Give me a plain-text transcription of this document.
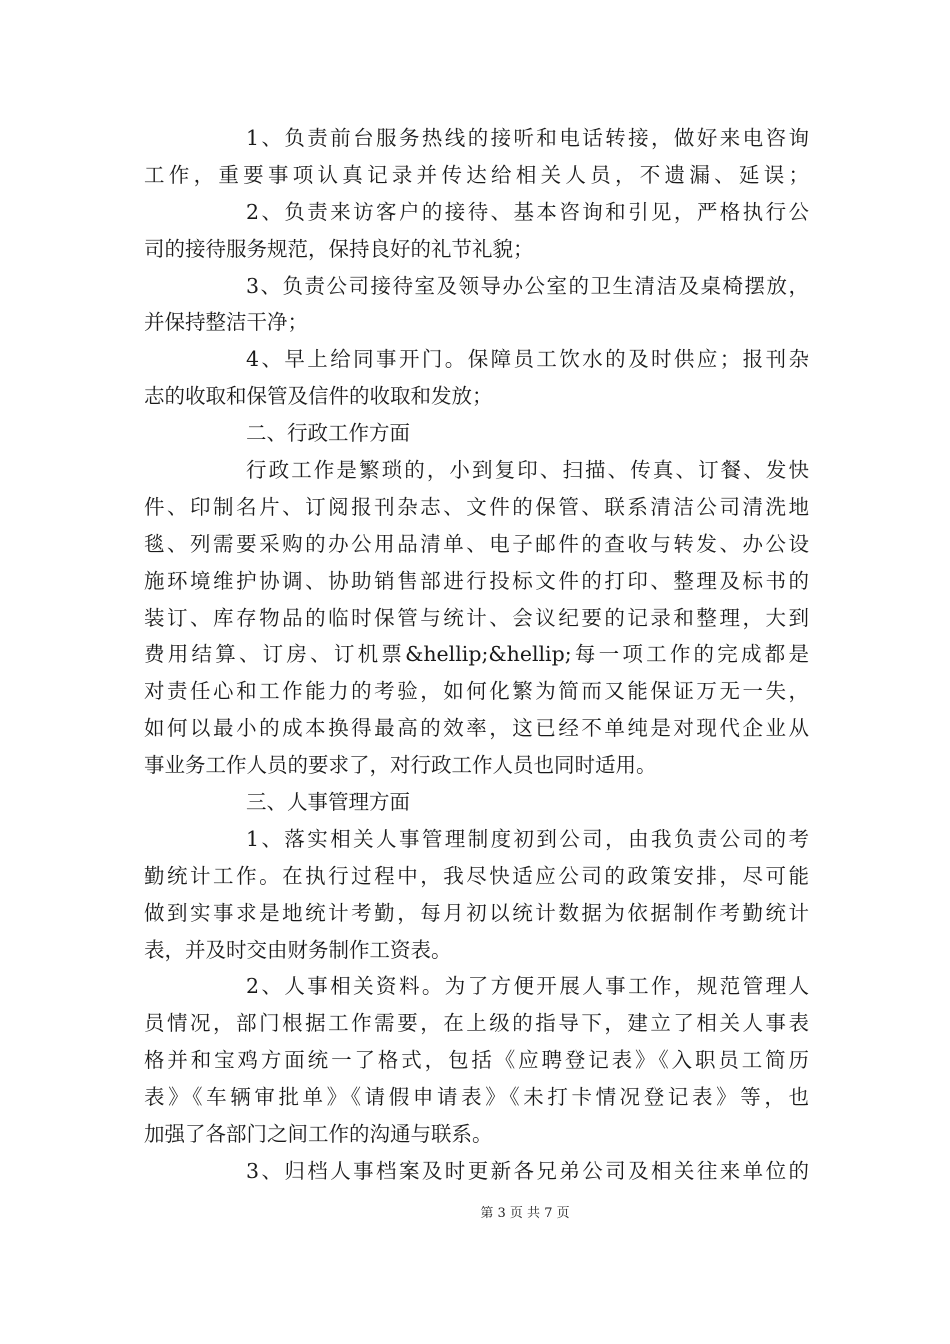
1、负责前台服务热线的接听和电话转接，做好来电咨询
工作，重要事项认真记录并传达给相关人员，不遗漏、延误；
2、负责来访客户的接待、基本咨询和引见，严格执行公
司的接待服务规范，保持良好的礼节礼貌；
3、负责公司接待室及领导办公室的卫生清洁及桌椅摆放，
并保持整洁干净；
4、早上给同事开门。保障员工饮水的及时供应；报刊杂
志的收取和保管及信件的收取和发放；
二、行政工作方面
行政工作是繁琐的，小到复印、扫描、传真、订餐、发快
件、印制名片、订阅报刊杂志、文件的保管、联系清洁公司清洗地
毯、列需要采购的办公用品清单、电子邮件的查收与转发、办公设
施环境维护协调、协助销售部进行投标文件的打印、整理及标书的
装订、库存物品的临时保管与统计、会议纪要的记录和整理，大到
费用结算、订房、订机票&hellip;&hellip;每一项工作的完成都是
对责任心和工作能力的考验，如何化繁为简而又能保证万无一失，
如何以最小的成本换得最高的效率，这已经不单纯是对现代企业从
事业务工作人员的要求了，对行政工作人员也同时适用。
三、人事管理方面
1、落实相关人事管理制度初到公司，由我负责公司的考
勤统计工作。在执行过程中，我尽快适应公司的政策安排，尽可能
做到实事求是地统计考勤，每月初以统计数据为依据制作考勤统计
表，并及时交由财务制作工资表。
2、人事相关资料。为了方便开展人事工作，规范管理人
员情况，部门根据工作需要，在上级的指导下，建立了相关人事表
格并和宝鸡方面统一了格式，包括《应聘登记表》《入职员工简历
表》《车辆审批单》《请假申请表》《未打卡情况登记表》等，也
加强了各部门之间工作的沟通与联系。
3、归档人事档案及时更新各兄弟公司及相关往来单位的
第 3 页 共 7 页
